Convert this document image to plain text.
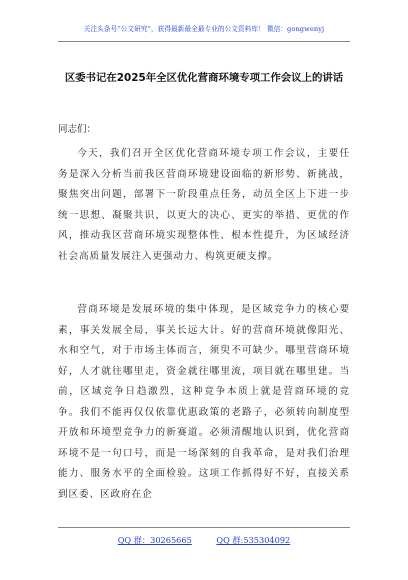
关注头条号“公文研究”，获得最新最全最专业的公文资料库！ 微信：gongwenyj
区委书记在2025年全区优化营商环境专项工作会议上的讲话
同志们：
今天，我们召开全区优化营商环境专项工作会议，主要任务是深入分析当前我区营商环境建设面临的新形势、新挑战，聚焦突出问题，部署下一阶段重点任务，动员全区上下进一步统一思想、凝聚共识，以更大的决心、更实的举措、更优的作风，推动我区营商环境实现整体性、根本性提升，为区域经济社会高质量发展注入更强动力、构筑更硬支撑。
营商环境是发展环境的集中体现，是区域竞争力的核心要素，事关发展全局，事关长远大计。好的营商环境就像阳光、水和空气，对于市场主体而言，须臾不可缺少。哪里营商环境好，人才就往哪里走，资金就往哪里流，项目就在哪里建。当前，区域竞争日趋激烈，这种竞争本质上就是营商环境的竞争。我们不能再仅仅依靠优惠政策的老路子，必须转向制度型开放和环境型竞争力的新赛道。必须清醒地认识到，优化营商环境不是一句口号，而是一场深刻的自我革命，是对我们治理能力、服务水平的全面检验。这项工作抓得好不好，直接关系到区委、区政府在企
QQ 群：30265665	QQ 群:535304092
